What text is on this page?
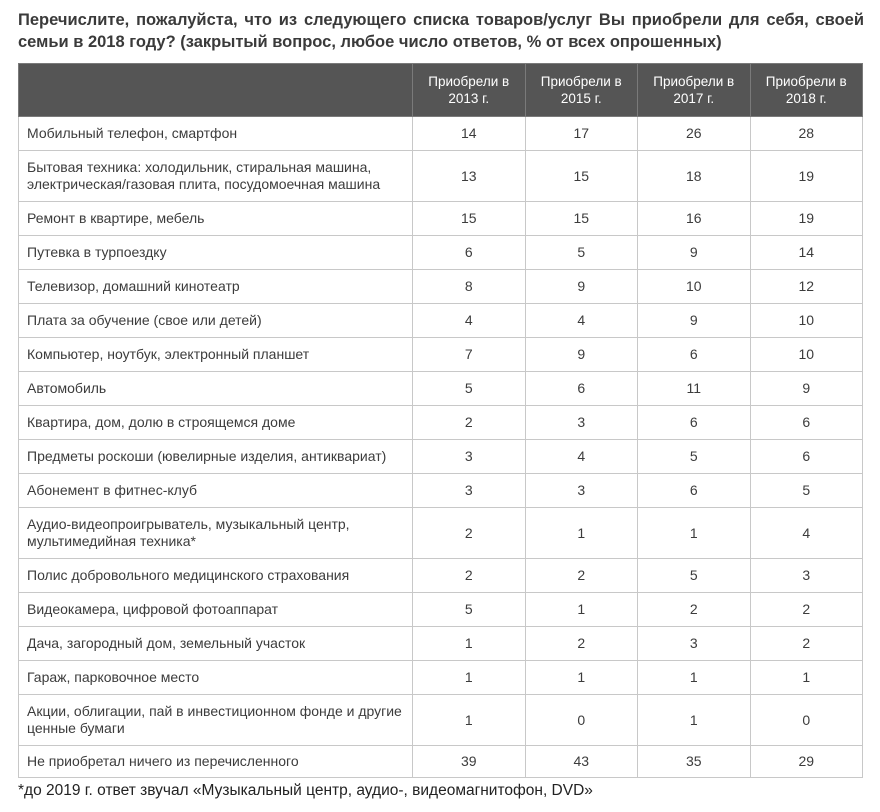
Перечислите, пожалуйста, что из следующего списка товаров/услуг Вы приобрели для себя, своей семьи в 2018 году? (закрытый вопрос, любое число ответов, % от всех опрошенных)
	Приобрели в 2013 г.	Приобрели в 2015 г.	Приобрели в 2017 г.	Приобрели в 2018 г.
Мобильный телефон, смартфон	14	17	26	28
Бытовая техника: холодильник, стиральная машина, электрическая/газовая плита, посудомоечная машина	13	15	18	19
Ремонт в квартире, мебель	15	15	16	19
Путевка в турпоездку	6	5	9	14
Телевизор, домашний кинотеатр	8	9	10	12
Плата за обучение (свое или детей)	4	4	9	10
Компьютер, ноутбук, электронный планшет	7	9	6	10
Автомобиль	5	6	11	9
Квартира, дом, долю в строящемся доме	2	3	6	6
Предметы роскоши (ювелирные изделия, антиквариат)	3	4	5	6
Абонемент в фитнес-клуб	3	3	6	5
Аудио-видеопроигрыватель, музыкальный центр, мультимедийная техника*	2	1	1	4
Полис добровольного медицинского страхования	2	2	5	3
Видеокамера, цифровой фотоаппарат	5	1	2	2
Дача, загородный дом, земельный участок	1	2	3	2
Гараж, парковочное место	1	1	1	1
Акции, облигации, пай в инвестиционном фонде и другие ценные бумаги	1	0	1	0
Не приобретал ничего из перечисленного	39	43	35	29
*до 2019 г. ответ звучал «Музыкальный центр, аудио-, видеомагнитофон, DVD»
